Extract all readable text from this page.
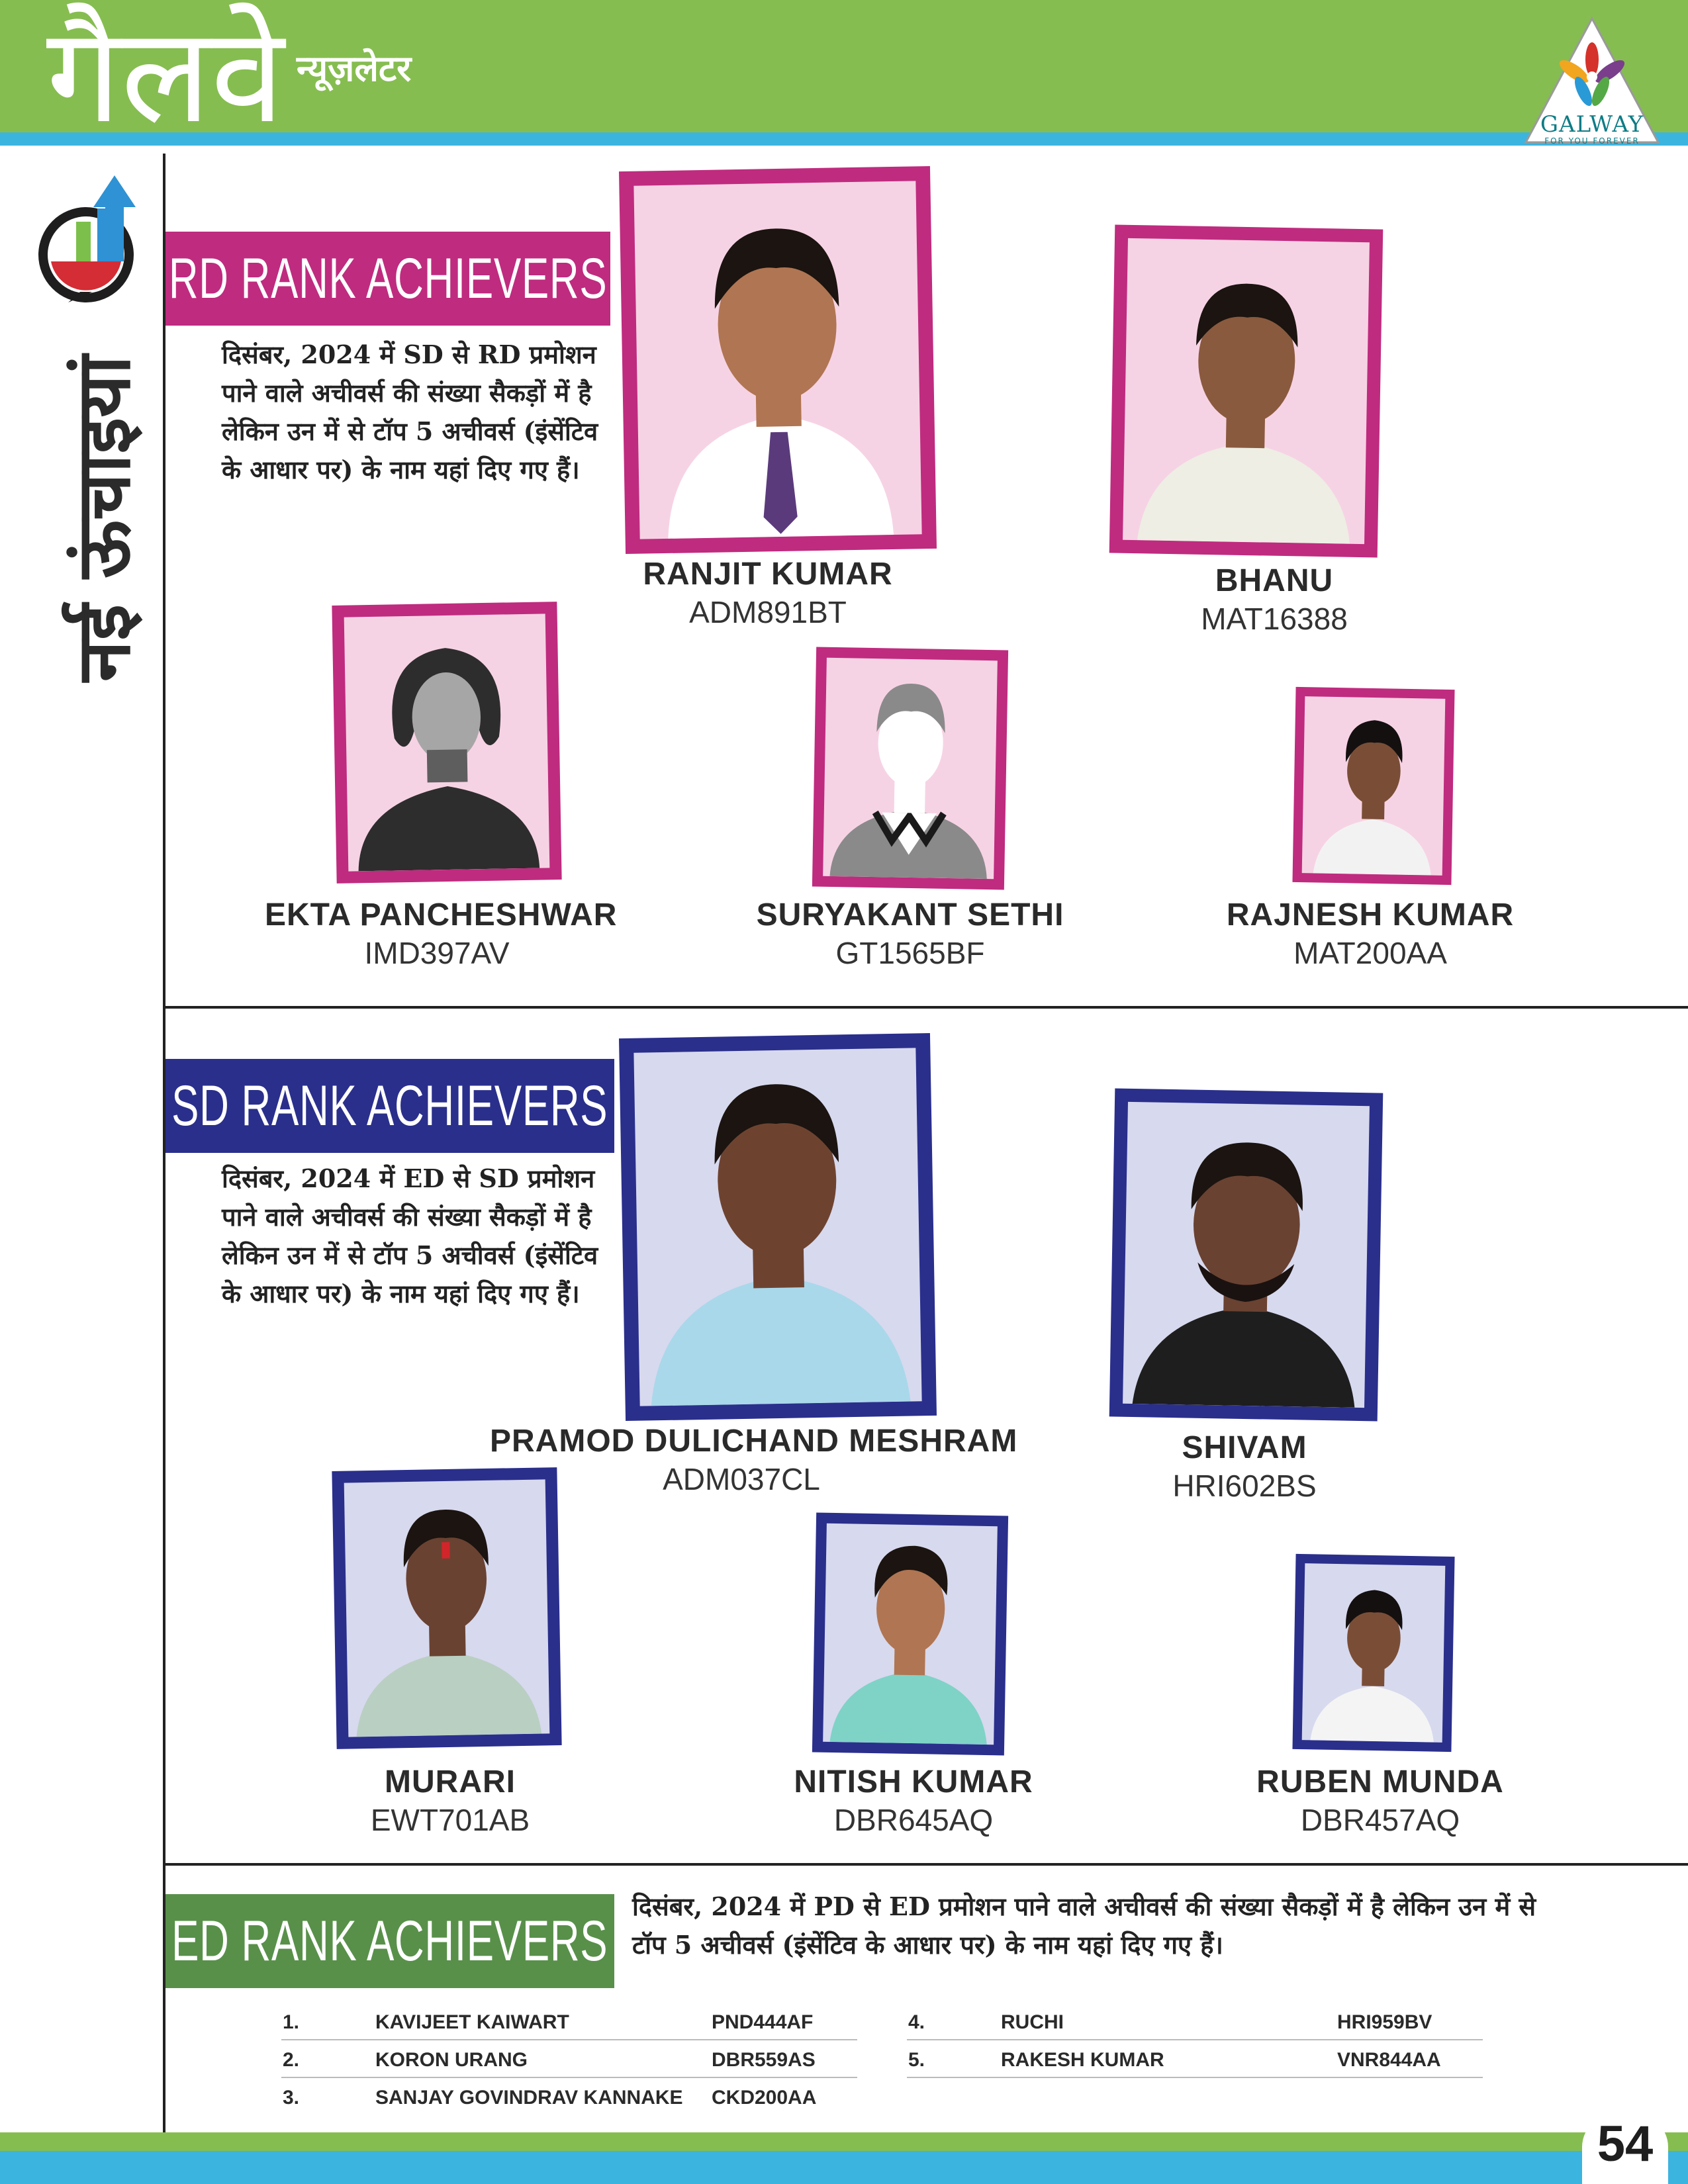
गैलवे न्यूज़लेटर
GALWAY
FOR YOU FOREVER
नई ऊंचाइयां
RD RANK ACHIEVERS
दिसंबर, 2024 में SD से RD प्रमोशन पाने वाले अचीवर्स की संख्या सैकड़ों में है लेकिन उन में से टॉप 5 अचीवर्स (इंसेंटिव के आधार पर) के नाम यहां दिए गए हैं।
RANJIT KUMAR
ADM891BT
BHANU
MAT16388
EKTA PANCHESHWAR
IMD397AV
SURYAKANT SETHI
GT1565BF
RAJNESH KUMAR
MAT200AA
SD RANK ACHIEVERS
दिसंबर, 2024 में ED से SD प्रमोशन पाने वाले अचीवर्स की संख्या सैकड़ों में है लेकिन उन में से टॉप 5 अचीवर्स (इंसेंटिव के आधार पर) के नाम यहां दिए गए हैं।
PRAMOD DULICHAND MESHRAM
ADM037CL
SHIVAM
HRI602BS
MURARI
EWT701AB
NITISH KUMAR
DBR645AQ
RUBEN MUNDA
DBR457AQ
ED RANK ACHIEVERS
दिसंबर, 2024 में PD से ED प्रमोशन पाने वाले अचीवर्स की संख्या सैकड़ों में है लेकिन उन में से टॉप 5 अचीवर्स (इंसेंटिव के आधार पर) के नाम यहां दिए गए हैं।
1.	KAVIJEET KAIWART	PND444AF
2.	KORON URANG	DBR559AS
3.	SANJAY GOVINDRAV KANNAKE CKD200AA
4.	RUCHI	HRI959BV
5.	RAKESH KUMAR	VNR844AA
54
